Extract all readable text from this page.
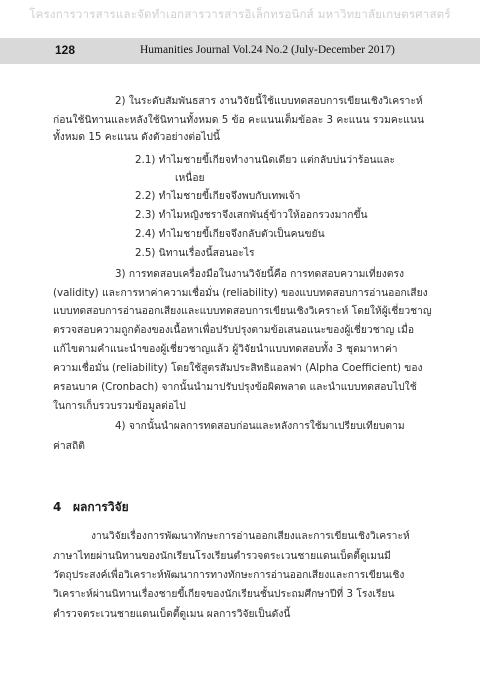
โครงการวารสารและจัดทำเอกสารวารสารอิเล็กทรอนิกส์ มหาวิทยาลัยเกษตรศาสตร์
128	Humanities Journal Vol.24 No.2 (July-December 2017)
2) ในระดับสัมพันธสาร งานวิจัยนี้ใช้แบบทดสอบการเขียนเชิงวิเคราะห์
ก่อนใช้นิทานและหลังใช้นิทานทั้งหมด 5 ข้อ คะแนนเต็มข้อละ 3 คะแนน รวมคะแนน
ทั้งหมด 15 คะแนน ดังตัวอย่างต่อไปนี้
2.1) ทำไมชายขี้เกียจทำงานนิดเดียว แต่กลับบ่นว่าร้อนและ
เหนื่อย
2.2) ทำไมชายขี้เกียจจึงพบกับเทพเจ้า
2.3) ทำไมหญิงชราจึงเสกพันธุ์ข้าวให้ออกรวงมากขึ้น
2.4) ทำไมชายขี้เกียจจึงกลับตัวเป็นคนขยัน
2.5) นิทานเรื่องนี้สอนอะไร
3) การทดสอบเครื่องมือในงานวิจัยนี้คือ การทดสอบความเที่ยงตรง
(validity) และการหาค่าความเชื่อมั่น (reliability) ของแบบทดสอบการอ่านออกเสียง
แบบทดสอบการอ่านออกเสียงและแบบทดสอบการเขียนเชิงวิเคราะห์ โดยให้ผู้เชี่ยวชาญ
ตรวจสอบความถูกต้องของเนื้อหาเพื่อปรับปรุงตามข้อเสนอแนะของผู้เชี่ยวชาญ เมื่อ
แก้ไขตามคำแนะนำของผู้เชี่ยวชาญแล้ว ผู้วิจัยนำแบบทดสอบทั้ง 3 ชุดมาหาค่า
ความเชื่อมั่น (reliability) โดยใช้สูตรสัมประสิทธิแอลฟา (Alpha Coefficient) ของ
ครอนบาค (Cronbach) จากนั้นนำมาปรับปรุงข้อผิดพลาด และนำแบบทดสอบไปใช้
ในการเก็บรวบรวมข้อมูลต่อไป
4) จากนั้นนำผลการทดสอบก่อนและหลังการใช้มาเปรียบเทียบตาม
ค่าสถิติ
4 ผลการวิจัย
งานวิจัยเรื่องการพัฒนาทักษะการอ่านออกเสียงและการเขียนเชิงวิเคราะห์
ภาษาไทยผ่านนิทานของนักเรียนโรงเรียนตำรวจตระเวนชายแดนเบ็ดตี้ดูเมนมี
วัตถุประสงค์เพื่อวิเคราะห์พัฒนาการทางทักษะการอ่านออกเสียงและการเขียนเชิง
วิเคราะห์ผ่านนิทานเรื่องชายขี้เกียจของนักเรียนชั้นประถมศึกษาปีที่ 3 โรงเรียน
ตำรวจตระเวนชายแดนเบ็ดตี้ดูเมน ผลการวิจัยเป็นดังนี้
